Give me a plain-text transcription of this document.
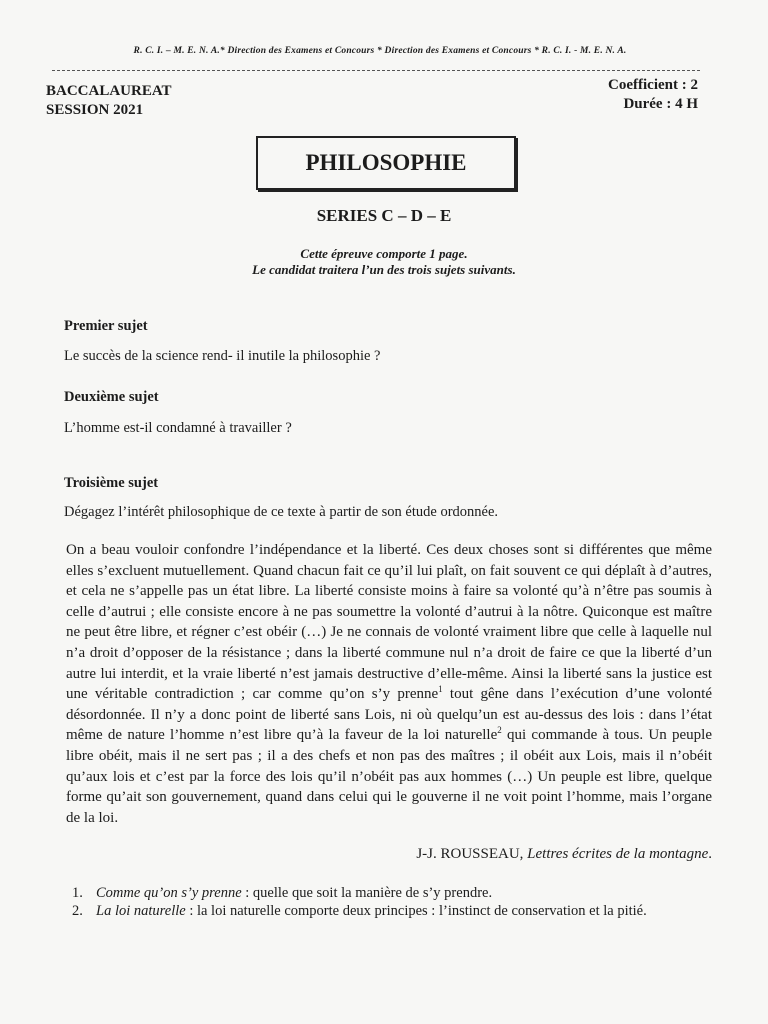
R. C. I. – M. E. N. A.* Direction des Examens et Concours * Direction des Examens et Concours * R. C. I. - M. E. N. A.
BACCALAUREAT
SESSION 2021
Coefficient : 2
Durée : 4 H
PHILOSOPHIE
SERIES C – D – E
Cette épreuve comporte 1 page.
Le candidat traitera l’un des trois sujets suivants.
Premier sujet
Le succès de la science rend- il inutile la philosophie ?
Deuxième sujet
L’homme est-il condamné à travailler ?
Troisième sujet
Dégagez l’intérêt philosophique de ce texte à partir de son étude ordonnée.
On a beau vouloir confondre l’indépendance et la liberté. Ces deux choses sont si différentes que même elles s’excluent mutuellement. Quand chacun fait ce qu’il lui plaît, on fait souvent ce qui déplaît à d’autres, et cela ne s’appelle pas un état libre. La liberté consiste moins à faire sa volonté qu’à n’être pas soumis à celle d’autrui ; elle consiste encore à ne pas soumettre la volonté d’autrui à la nôtre. Quiconque est maître ne peut être libre, et régner c’est obéir (…) Je ne connais de volonté vraiment libre que celle à laquelle nul n’a droit d’opposer de la résistance ; dans la liberté commune nul n’a droit de faire ce que la liberté d’un autre lui interdit, et la vraie liberté n’est jamais destructive d’elle-même. Ainsi la liberté sans la justice est une véritable contradiction ; car comme qu’on s’y prenne$^1$ tout gêne dans l’exécution d’une volonté désordonnée. Il n’y a donc point de liberté sans Lois, ni où quelqu’un est au-dessus des lois : dans l’état même de nature l’homme n’est libre qu’à la faveur de la loi naturelle$^2$ qui commande à tous. Un peuple libre obéit, mais il ne sert pas ; il a des chefs et non pas des maîtres ; il obéit aux Lois, mais il n’obéit qu’aux lois et c’est par la force des lois qu’il n’obéit pas aux hommes (…) Un peuple est libre, quelque forme qu’ait son gouvernement, quand dans celui qui le gouverne il ne voit point l’homme, mais l’organe de la loi.
J-J. ROUSSEAU, Lettres écrites de la montagne.
1. Comme qu’on s’y prenne : quelle que soit la manière de s’y prendre.
2. La loi naturelle : la loi naturelle comporte deux principes : l’instinct de conservation et la pitié.
